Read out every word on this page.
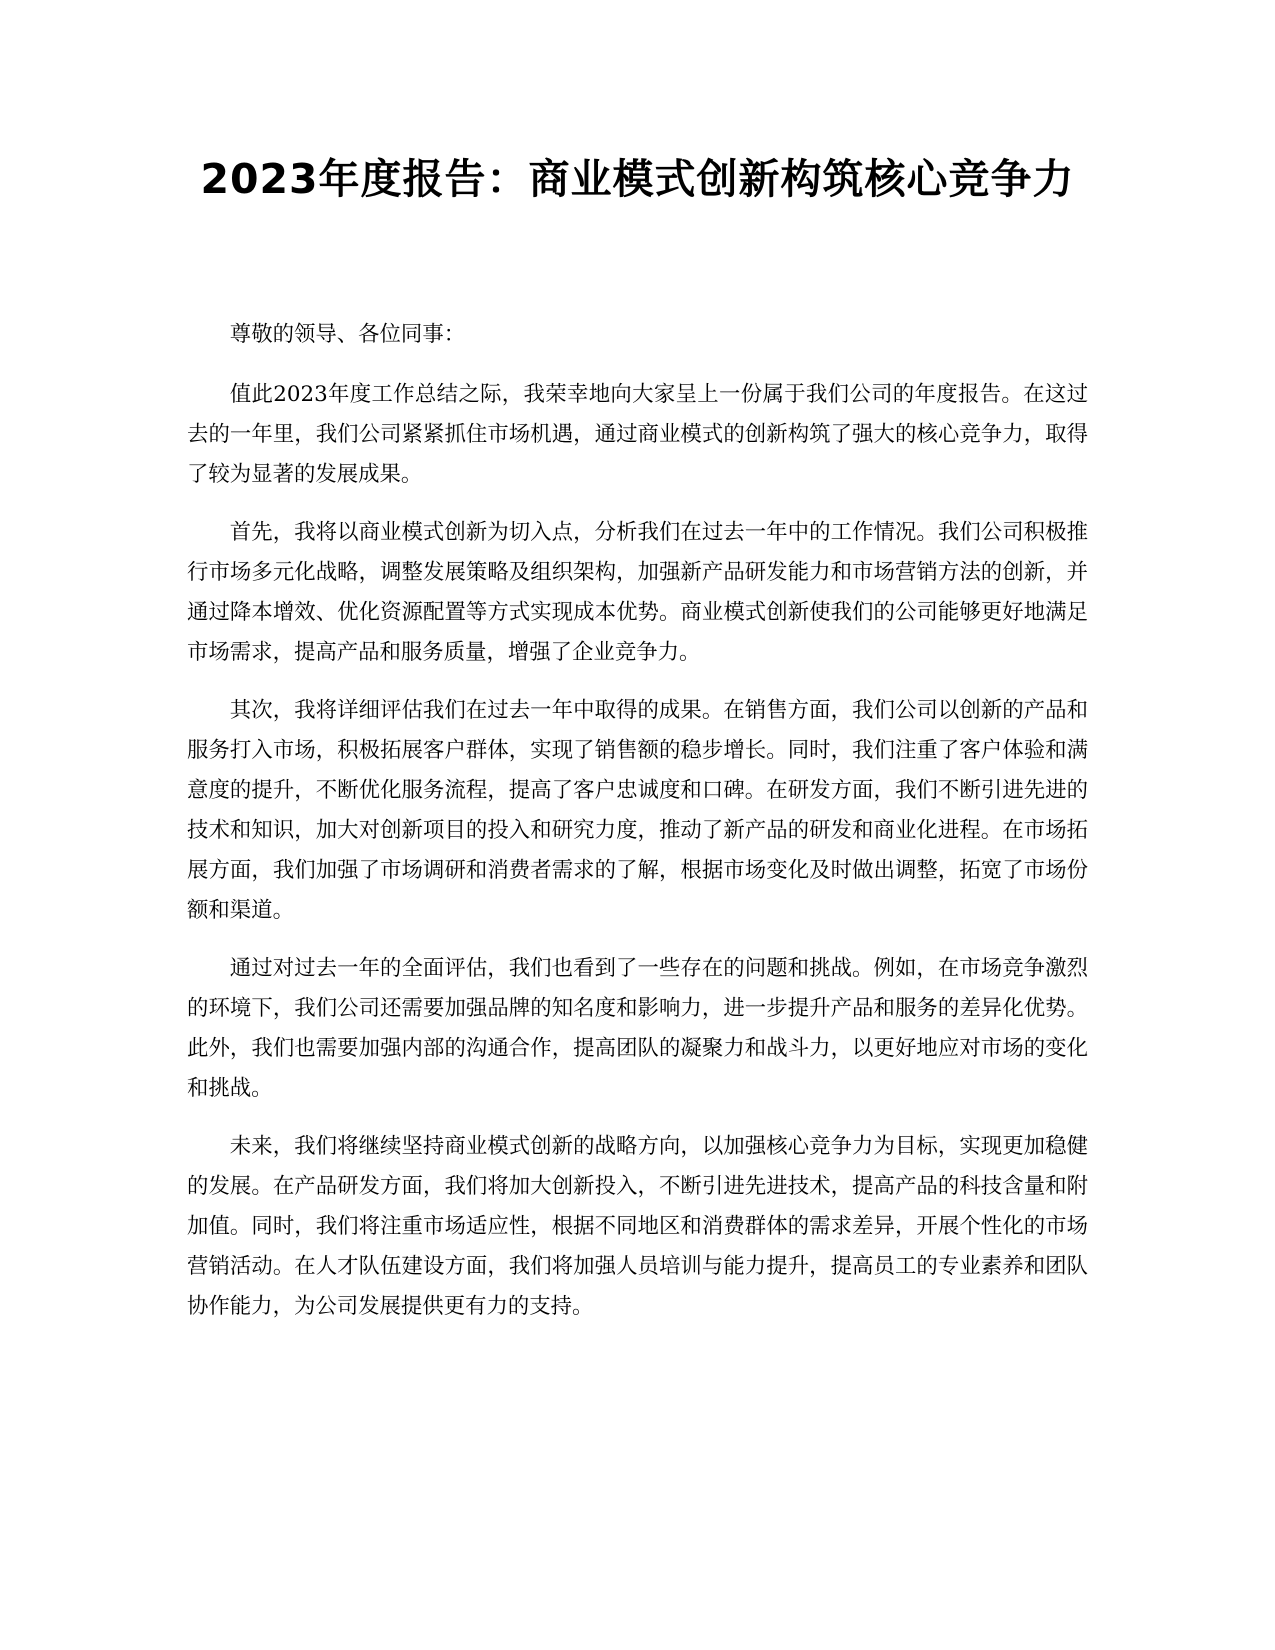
2023年度报告：商业模式创新构筑核心竞争力

尊敬的领导、各位同事：

值此2023年度工作总结之际，我荣幸地向大家呈上一份属于我们公司的年度报告。在这过去的一年里，我们公司紧紧抓住市场机遇，通过商业模式的创新构筑了强大的核心竞争力，取得了较为显著的发展成果。

首先，我将以商业模式创新为切入点，分析我们在过去一年中的工作情况。我们公司积极推行市场多元化战略，调整发展策略及组织架构，加强新产品研发能力和市场营销方法的创新，并通过降本增效、优化资源配置等方式实现成本优势。商业模式创新使我们的公司能够更好地满足市场需求，提高产品和服务质量，增强了企业竞争力。

其次，我将详细评估我们在过去一年中取得的成果。在销售方面，我们公司以创新的产品和服务打入市场，积极拓展客户群体，实现了销售额的稳步增长。同时，我们注重了客户体验和满意度的提升，不断优化服务流程，提高了客户忠诚度和口碑。在研发方面，我们不断引进先进的技术和知识，加大对创新项目的投入和研究力度，推动了新产品的研发和商业化进程。在市场拓展方面，我们加强了市场调研和消费者需求的了解，根据市场变化及时做出调整，拓宽了市场份额和渠道。

通过对过去一年的全面评估，我们也看到了一些存在的问题和挑战。例如，在市场竞争激烈的环境下，我们公司还需要加强品牌的知名度和影响力，进一步提升产品和服务的差异化优势。此外，我们也需要加强内部的沟通合作，提高团队的凝聚力和战斗力，以更好地应对市场的变化和挑战。

未来，我们将继续坚持商业模式创新的战略方向，以加强核心竞争力为目标，实现更加稳健的发展。在产品研发方面，我们将加大创新投入，不断引进先进技术，提高产品的科技含量和附加值。同时，我们将注重市场适应性，根据不同地区和消费群体的需求差异，开展个性化的市场营销活动。在人才队伍建设方面，我们将加强人员培训与能力提升，提高员工的专业素养和团队协作能力，为公司发展提供更有力的支持。
